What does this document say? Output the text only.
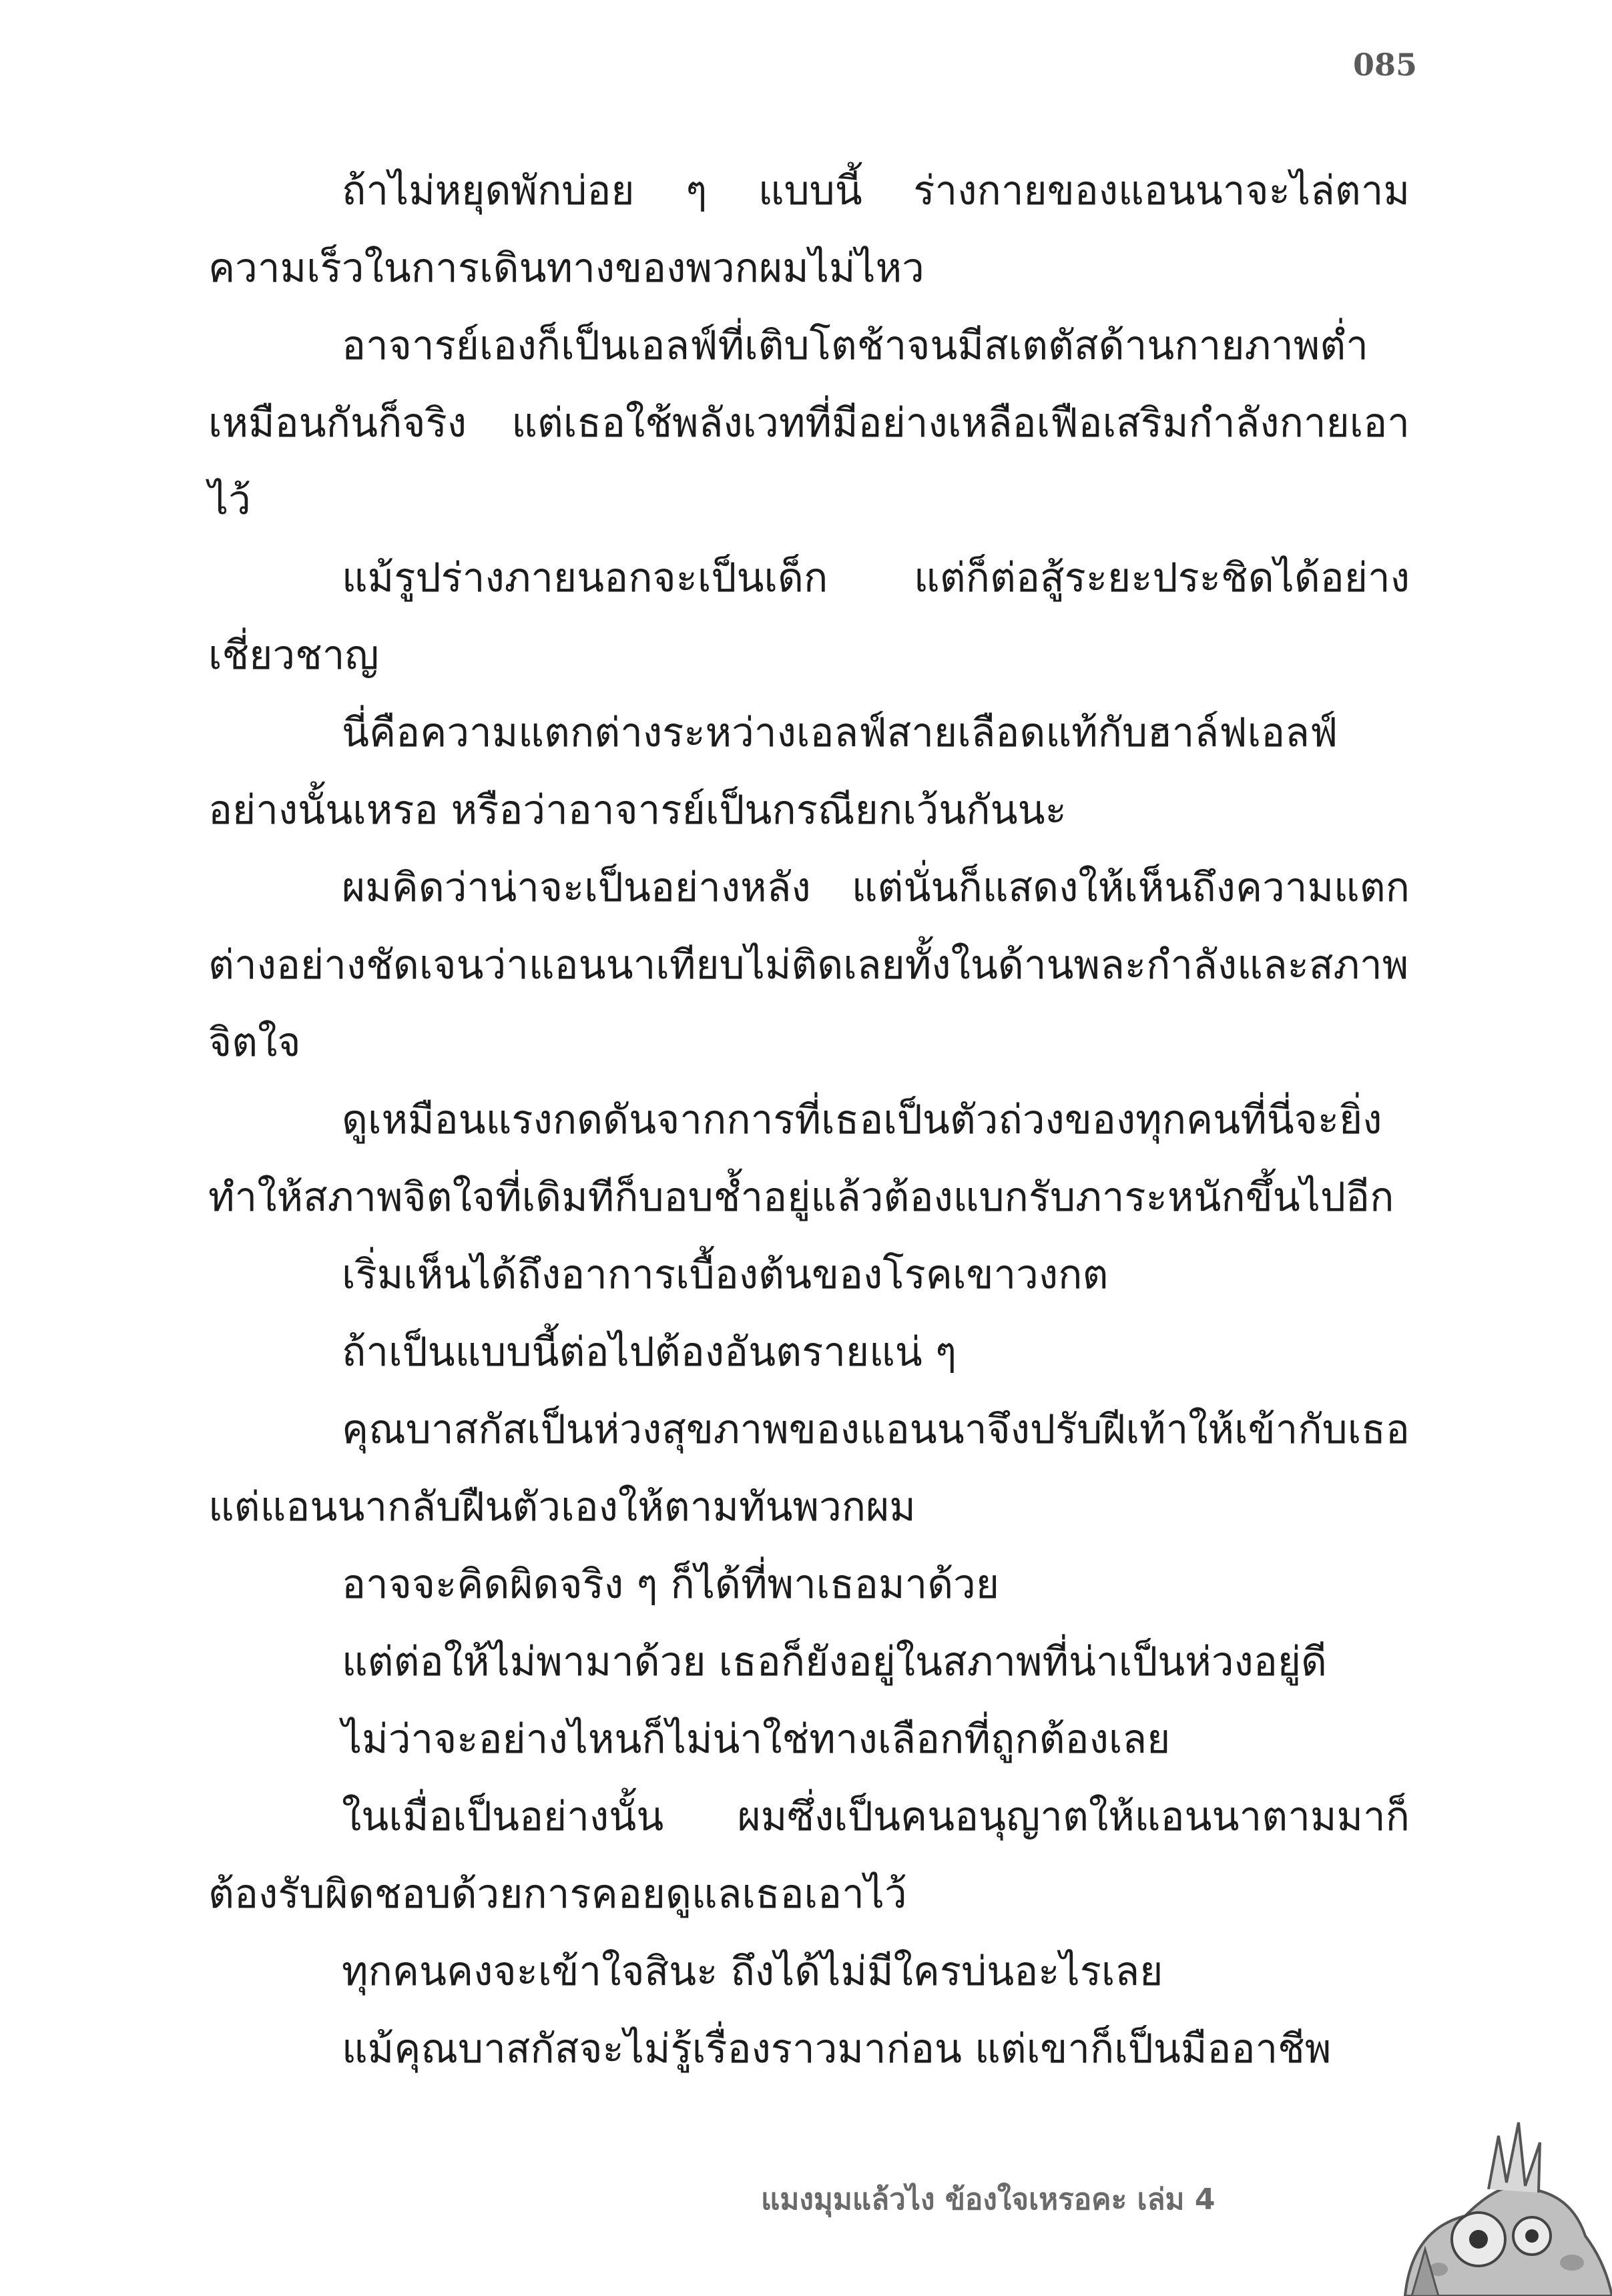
085

ถ้าไม่หยุดพักบ่อย ๆ แบบนี้ ร่างกายของแอนนาจะไล่ตามความเร็วในการเดินทางของพวกผมไม่ไหว

อาจารย์เองก็เป็นเอลฟ์ที่เติบโตช้าจนมีสเตตัสด้านกายภาพต่ำเหมือนกันก็จริง แต่เธอใช้พลังเวทที่มีอย่างเหลือเฟือเสริมกำลังกายเอาไว้

แม้รูปร่างภายนอกจะเป็นเด็ก แต่ก็ต่อสู้ระยะประชิดได้อย่างเชี่ยวชาญ

นี่คือความแตกต่างระหว่างเอลฟ์สายเลือดแท้กับฮาล์ฟเอลฟ์อย่างนั้นเหรอ หรือว่าอาจารย์เป็นกรณียกเว้นกันนะ

ผมคิดว่าน่าจะเป็นอย่างหลัง แต่นั่นก็แสดงให้เห็นถึงความแตกต่างอย่างชัดเจนว่าแอนนาเทียบไม่ติดเลยทั้งในด้านพละกำลังและสภาพจิตใจ

ดูเหมือนแรงกดดันจากการที่เธอเป็นตัวถ่วงของทุกคนที่นี่จะยิ่งทำให้สภาพจิตใจที่เดิมทีก็บอบช้ำอยู่แล้วต้องแบกรับภาระหนักขึ้นไปอีก

เริ่มเห็นได้ถึงอาการเบื้องต้นของโรคเขาวงกต

ถ้าเป็นแบบนี้ต่อไปต้องอันตรายแน่ ๆ

คุณบาสกัสเป็นห่วงสุขภาพของแอนนาจึงปรับฝีเท้าให้เข้ากับเธอ แต่แอนนากลับฝืนตัวเองให้ตามทันพวกผม

อาจจะคิดผิดจริง ๆ ก็ได้ที่พาเธอมาด้วย

แต่ต่อให้ไม่พามาด้วย เธอก็ยังอยู่ในสภาพที่น่าเป็นห่วงอยู่ดี

ไม่ว่าจะอย่างไหนก็ไม่น่าใช่ทางเลือกที่ถูกต้องเลย

ในเมื่อเป็นอย่างนั้น ผมซึ่งเป็นคนอนุญาตให้แอนนาตามมาก็ต้องรับผิดชอบด้วยการคอยดูแลเธอเอาไว้

ทุกคนคงจะเข้าใจสินะ ถึงได้ไม่มีใครบ่นอะไรเลย

แม้คุณบาสกัสจะไม่รู้เรื่องราวมาก่อน แต่เขาก็เป็นมืออาชีพ

แมงมุมแล้วไง ข้องใจเหรอคะ เล่ม 4
